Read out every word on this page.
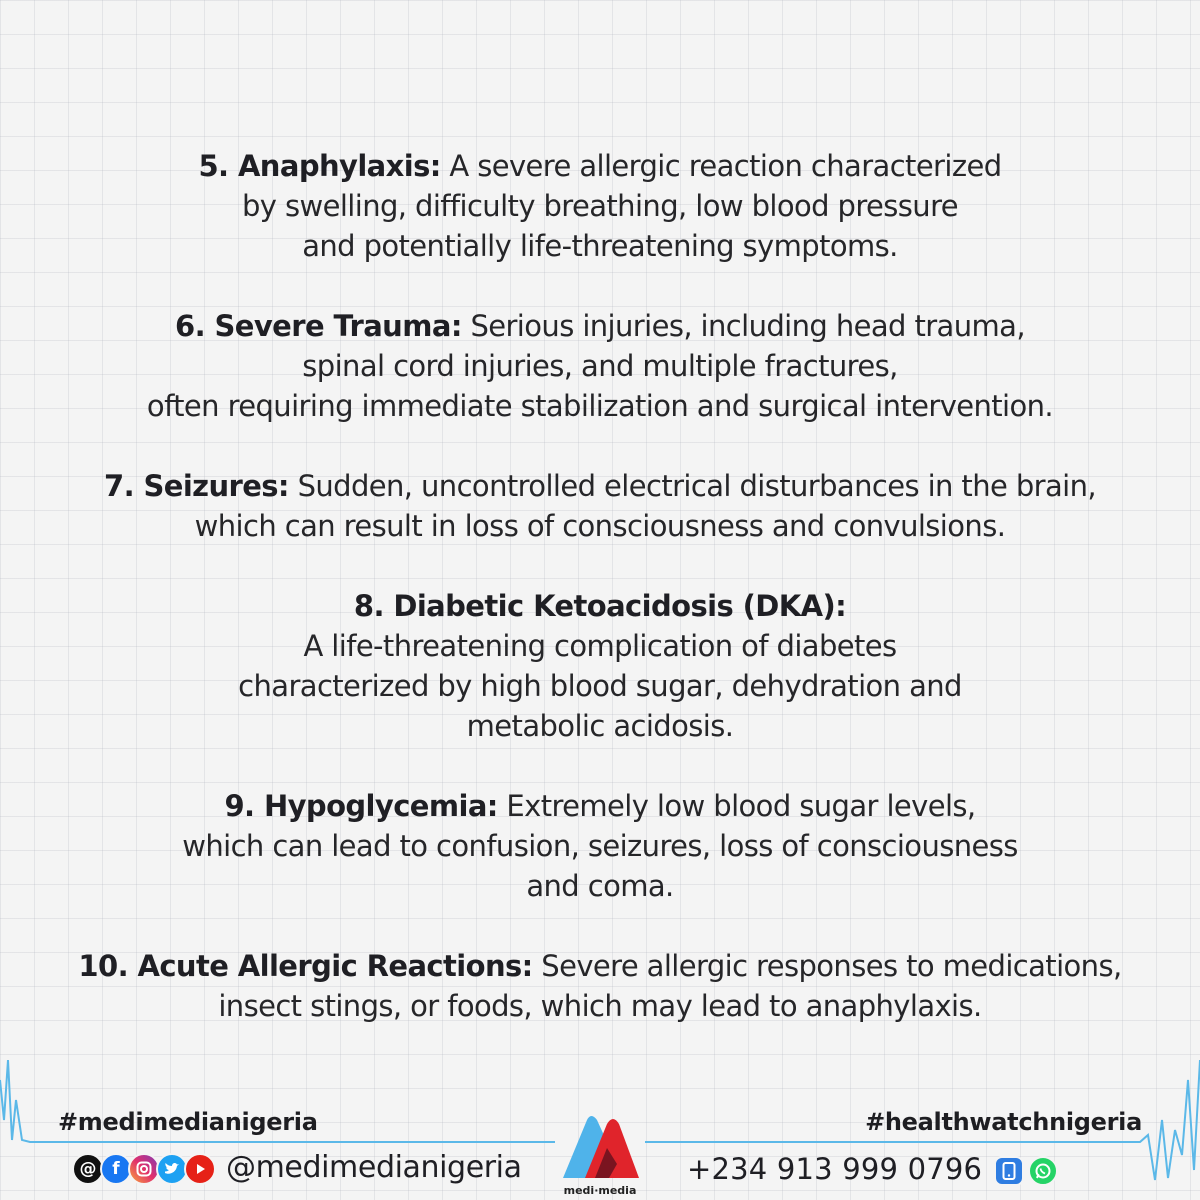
5. Anaphylaxis: A severe allergic reaction characterized
by swelling, difficulty breathing, low blood pressure
and potentially life-threatening symptoms.

6. Severe Trauma: Serious injuries, including head trauma,
spinal cord injuries, and multiple fractures,
often requiring immediate stabilization and surgical intervention.

7. Seizures: Sudden, uncontrolled electrical disturbances in the brain,
which can result in loss of consciousness and convulsions.

8. Diabetic Ketoacidosis (DKA):
A life-threatening complication of diabetes
characterized by high blood sugar, dehydration and
metabolic acidosis.

9. Hypoglycemia: Extremely low blood sugar levels,
which can lead to confusion, seizures, loss of consciousness
and coma.

10. Acute Allergic Reactions: Severe allergic responses to medications,
insect stings, or foods, which may lead to anaphylaxis.

#medimedianigeria	#healthwatchnigeria
@ f	@medimedianigeria
medi·media
+234 913 999 0796
